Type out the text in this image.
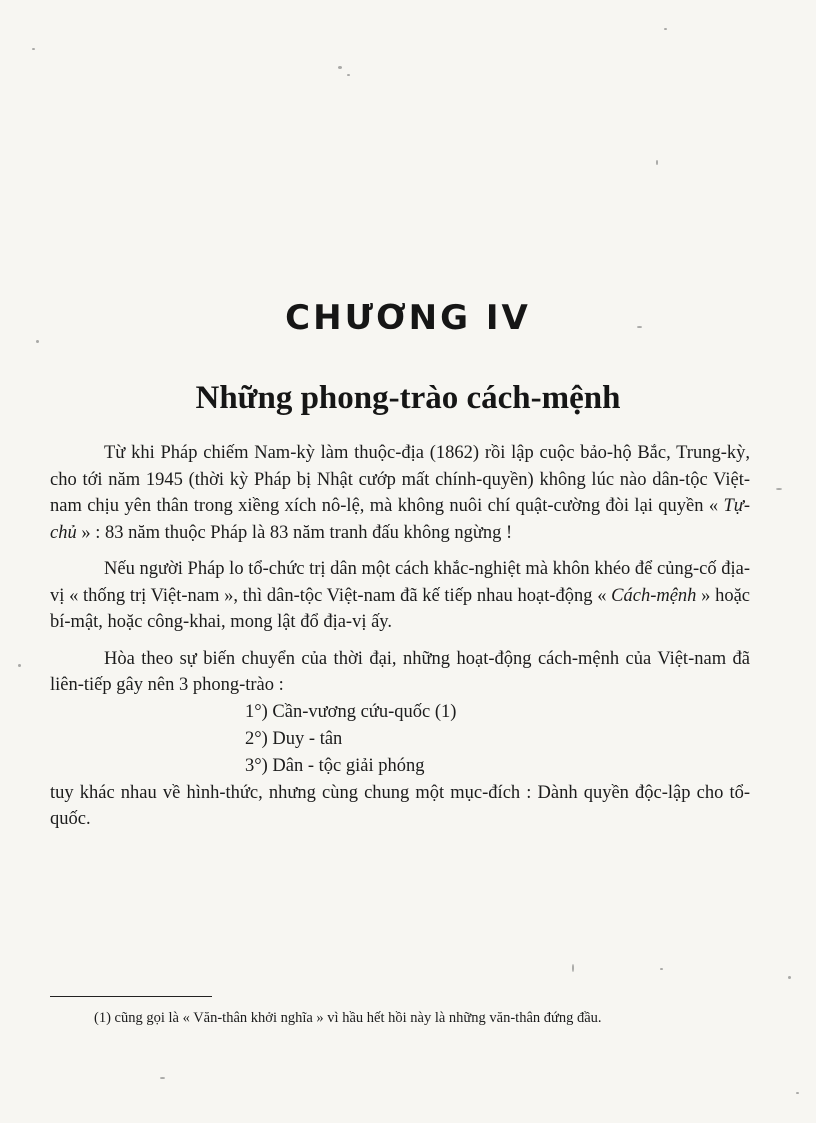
CHƯƠNG IV
Những phong-trào cách-mệnh

Từ khi Pháp chiếm Nam-kỳ làm thuộc-địa (1862) rồi lập cuộc bảo-hộ Bắc, Trung-kỳ, cho tới năm 1945 (thời kỳ Pháp bị Nhật cướp mất chính-quyền) không lúc nào dân-tộc Việt-nam chịu yên thân trong xiềng xích nô-lệ, mà không nuôi chí quật-cường đòi lại quyền « Tự-chủ » : 83 năm thuộc Pháp là 83 năm tranh đấu không ngừng !

Nếu người Pháp lo tổ-chức trị dân một cách khắc-nghiệt mà khôn khéo để củng-cố địa-vị « thống trị Việt-nam », thì dân-tộc Việt-nam đã kế tiếp nhau hoạt-động « Cách-mệnh » hoặc bí-mật, hoặc công-khai, mong lật đổ địa-vị ấy.

Hòa theo sự biến chuyển của thời đại, những hoạt-động cách-mệnh của Việt-nam đã liên-tiếp gây nên 3 phong-trào :

1°) Cần-vương cứu-quốc (1)
2°) Duy - tân
3°) Dân - tộc giải phóng

tuy khác nhau về hình-thức, nhưng cùng chung một mục-đích : Dành quyền độc-lập cho tổ-quốc.

(1) cũng gọi là « Văn-thân khởi nghĩa » vì hầu hết hồi này là những văn-thân đứng đầu.
